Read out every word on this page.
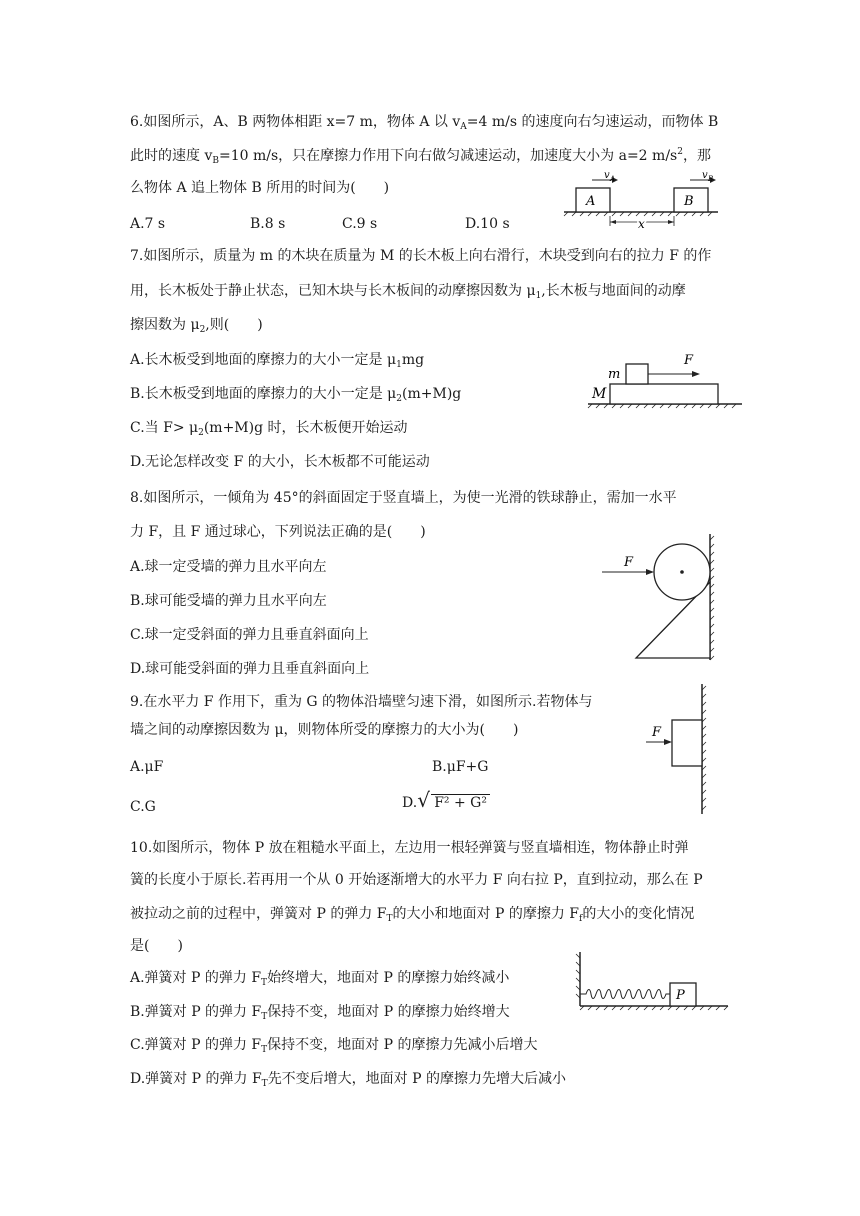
6.如图所示，A、B 两物体相距 x=7 m，物体 A 以 $v_A=4$ m/s 的速度向右匀速运动，而物体 B
此时的速度 $v_B=10$ m/s，只在摩擦力作用下向右做匀减速运动，加速度大小为 a=2 $m/s^2$，那
么物体 A 追上物体 B 所用的时间为(　　)
A.7 s	B.8 s	C.9 s	D.10 s
A	B
v A	v B
x
7.如图所示，质量为 m 的木块在质量为 M 的长木板上向右滑行，木块受到向右的拉力 F 的作
用，长木板处于静止状态，已知木块与长木板间的动摩擦因数为 $\mu_1$,长木板与地面间的动摩
擦因数为 $\mu_2$,则(　　)
A.长木板受到地面的摩擦力的大小一定是 $\mu_1mg$
B.长木板受到地面的摩擦力的大小一定是 $\mu_2(m+M)g$
C.当 $F> \mu_2(m+M)g$ 时，长木板便开始运动
D.无论怎样改变 F 的大小，长木板都不可能运动
M
m
F
8.如图所示，一倾角为 45°的斜面固定于竖直墙上，为使一光滑的铁球静止，需加一水平
力 F，且 F 通过球心，下列说法正确的是(　　)
A.球一定受墙的弹力且水平向左
B.球可能受墙的弹力且水平向左
C.球一定受斜面的弹力且垂直斜面向上
D.球可能受斜面的弹力且垂直斜面向上
F
9.在水平力 F 作用下，重为 G 的物体沿墙壁匀速下滑，如图所示.若物体与
墙之间的动摩擦因数为 μ，则物体所受的摩擦力的大小为(　　)
A.μF	B.μF+G
C.G	D. √ F² + G²
F
10.如图所示，物体 P 放在粗糙水平面上，左边用一根轻弹簧与竖直墙相连，物体静止时弹
簧的长度小于原长.若再用一个从 0 开始逐渐增大的水平力 F 向右拉 P，直到拉动，那么在 P
被拉动之前的过程中，弹簧对 P 的弹力 $F_T$的大小和地面对 P 的摩擦力 $F_f$的大小的变化情况
是(　　)
A.弹簧对 P 的弹力 $F_T$始终增大，地面对 P 的摩擦力始终减小
B.弹簧对 P 的弹力 $F_T$保持不变，地面对 P 的摩擦力始终增大
C.弹簧对 P 的弹力 $F_T$保持不变，地面对 P 的摩擦力先减小后增大
D.弹簧对 P 的弹力 $F_T$先不变后增大，地面对 P 的摩擦力先增大后减小
P
